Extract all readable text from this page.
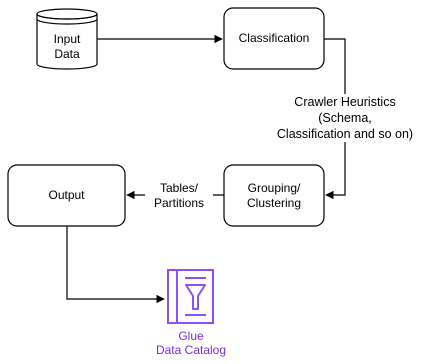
Input
Data
Classification
Grouping/
Clustering
Output
Crawler Heuristics
(Schema,
Classification and so on)
Tables/
Partitions
Glue
Data Catalog
